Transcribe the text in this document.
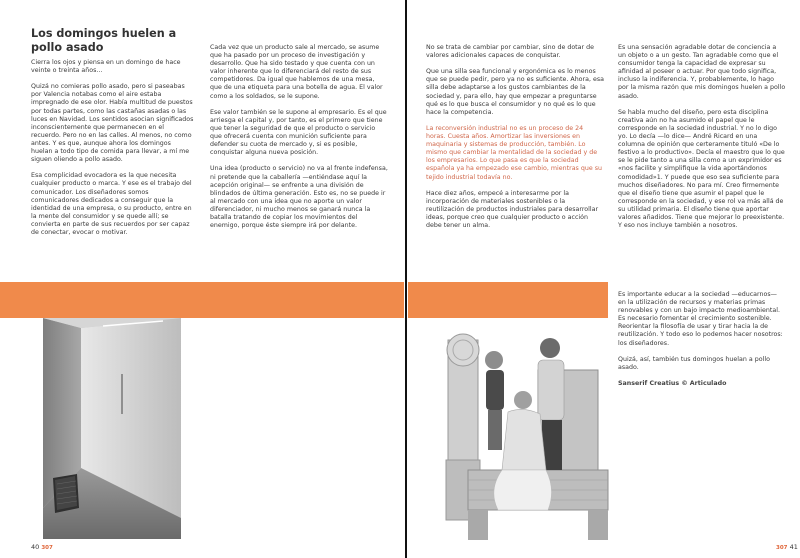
Los domingos huelen a pollo asado

Cierra los ojos y piensa en un domingo de hace veinte o treinta años…

Quizá no comieras pollo asado, pero si paseabas por Valencia notabas como el aire estaba impregnado de ese olor. Había multitud de puestos por todas partes, como las castañas asadas o las luces en Navidad. Los sentidos asocian significados inconscientemente que permanecen en el recuerdo. Pero no en las calles. Al menos, no como antes. Y es que, aunque ahora los domingos huelan a todo tipo de comida para llevar, a mí me siguen oliendo a pollo asado.

Esa complicidad evocadora es la que necesita cualquier producto o marca. Y ese es el trabajo del comunicador. Los diseñadores somos comunicadores dedicados a conseguir que la identidad de una empresa, o su producto, entre en la mente del consumidor y se quede allí; se convierta en parte de sus recuerdos por ser capaz de conectar, evocar o motivar.

Cada vez que un producto sale al mercado, se asume que ha pasado por un proceso de investigación y desarrollo. Que ha sido testado y que cuenta con un valor inherente que lo diferenciará del resto de sus competidores. Da igual que hablemos de una mesa, que de una etiqueta para una botella de agua. El valor como a los soldados, se le supone.

Ese valor también se le supone al empresario. Es el que arriesga el capital y, por tanto, es el primero que tiene que tener la seguridad de que el producto o servicio que ofrecerá cuenta con munición suficiente para defender su cuota de mercado y, si es posible, conquistar alguna nueva posición.

Una idea (producto o servicio) no va al frente indefensa, ni pretende que la caballería —entiéndase aquí la acepción original— se enfrente a una división de blindados de última generación. Esto es, no se puede ir al mercado con una idea que no aporte un valor diferenciador, ni mucho menos se ganará nunca la batalla tratando de copiar los movimientos del enemigo, porque éste siempre irá por delante.

No se trata de cambiar por cambiar, sino de dotar de valores adicionales capaces de conquistar.

Que una silla sea funcional y ergonómica es lo menos que se puede pedir, pero ya no es suficiente. Ahora, esa silla debe adaptarse a los gustos cambiantes de la sociedad y, para ello, hay que empezar a preguntarse qué es lo que busca el consumidor y no qué es lo que hace la competencia.

La reconversión industrial no es un proceso de 24 horas. Cuesta años. Amortizar las inversiones en maquinaria y sistemas de producción, también. Lo mismo que cambiar la mentalidad de la sociedad y de los empresarios. Lo que pasa es que la sociedad española ya ha empezado ese cambio, mientras que su tejido industrial todavía no.

Hace diez años, empecé a interesarme por la incorporación de materiales sostenibles o la reutilización de productos industriales para desarrollar ideas, porque creo que cualquier producto o acción debe tener un alma.

Es una sensación agradable dotar de conciencia a un objeto o a un gesto. Tan agradable como que el consumidor tenga la capacidad de expresar su afinidad al poseer o actuar. Por que todo significa, incluso la indiferencia. Y, probablemente, lo hago por la misma razón que mis domingos huelen a pollo asado.

Se habla mucho del diseño, pero esta disciplina creativa aún no ha asumido el papel que le corresponde en la sociedad industrial. Y no lo digo yo. Lo decía —lo dice— André Ricard en una columna de opinión que certeramente tituló «De lo festivo a lo productivo». Decía el maestro que lo que se le pide tanto a una silla como a un exprimidor es «nos facilite y simplifique la vida aportándonos comodidad»1. Y puede que eso sea suficiente para muchos diseñadores. No para mí. Creo firmemente que el diseño tiene que asumir el papel que le corresponde en la sociedad, y ese rol va más allá de su utilidad primaria. El diseño tiene que aportar valores añadidos. Tiene que mejorar lo preexistente. Y eso nos incluye también a nosotros.

Es importante educar a la sociedad —educarnos— en la utilización de recursos y materias primas renovables y con un bajo impacto medioambiental. Es necesario fomentar el crecimiento sostenible. Reorientar la filosofía de usar y tirar hacia la de reutilización. Y todo eso lo podemos hacer nosotros: los diseñadores.

Quizá, así, también tus domingos huelan a pollo asado.

Sanserif Creatius © Articulado

40 307	307 41
